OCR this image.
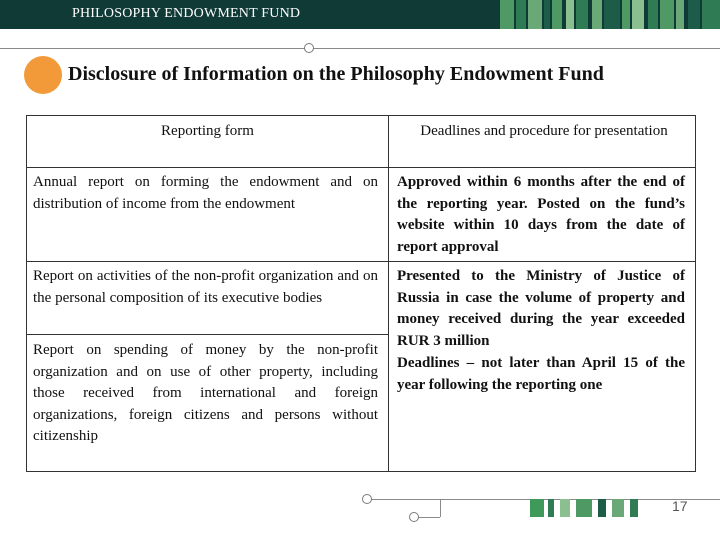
PHILOSOPHY ENDOWMENT FUND
Disclosure of Information on the Philosophy Endowment Fund
Reporting form	Deadlines and procedure for presentation
Annual report on forming the endowment and on distribution of income from the endowment
Approved within 6 months after the end of the reporting year. Posted on the fund’s website within 10 days from the date of report approval
Report on activities of the non-profit organization and on the personal composition of its executive bodies
Presented to the Ministry of Justice of Russia in case the volume of property and money received during the year exceeded RUR 3 million
Report on spending of money by the non-profit organization and on use of other property, including those received from international and foreign organizations, foreign citizens and persons without citizenship
Deadlines – not later than April 15 of the year following the reporting one
17
